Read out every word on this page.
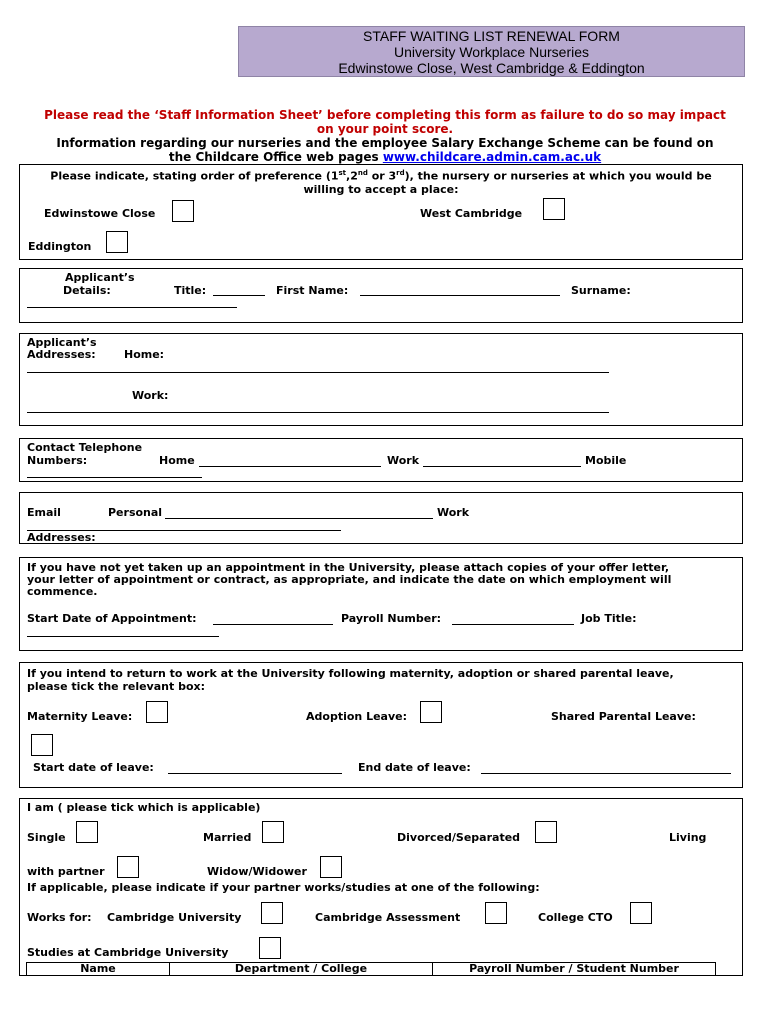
STAFF WAITING LIST RENEWAL FORM
University Workplace Nurseries
Edwinstowe Close, West Cambridge & Eddington
Please read the ‘Staff Information Sheet’ before completing this form as failure to do so may impact
on your point score.
Information regarding our nurseries and the employee Salary Exchange Scheme can be found on
the Childcare Office web pages www.childcare.admin.cam.ac.uk
Please indicate, stating order of preference (1st,2nd or 3rd), the nursery or nurseries at which you would be
willing to accept a place:
Edwinstowe Close	West Cambridge
Eddington
Applicant’s
Details:	Title:	First Name:	Surname:
Applicant’s
Addresses:	Home:
Work:
Contact Telephone
Numbers:	Home	Work	Mobile
Email	Personal	Work
Addresses:
If you have not yet taken up an appointment in the University, please attach copies of your offer letter,
your letter of appointment or contract, as appropriate, and indicate the date on which employment will
commence.
Start Date of Appointment:	Payroll Number:	Job Title:
If you intend to return to work at the University following maternity, adoption or shared parental leave,
please tick the relevant box:
Maternity Leave:	Adoption Leave:	Shared Parental Leave:
Start date of leave:	End date of leave:
I am ( please tick which is applicable)
Single	Married	Divorced/Separated	Living
with partner	Widow/Widower
If applicable, please indicate if your partner works/studies at one of the following:
Works for: Cambridge University	Cambridge Assessment	College CTO
Studies at Cambridge University
Name	Department / College	Payroll Number / Student Number
